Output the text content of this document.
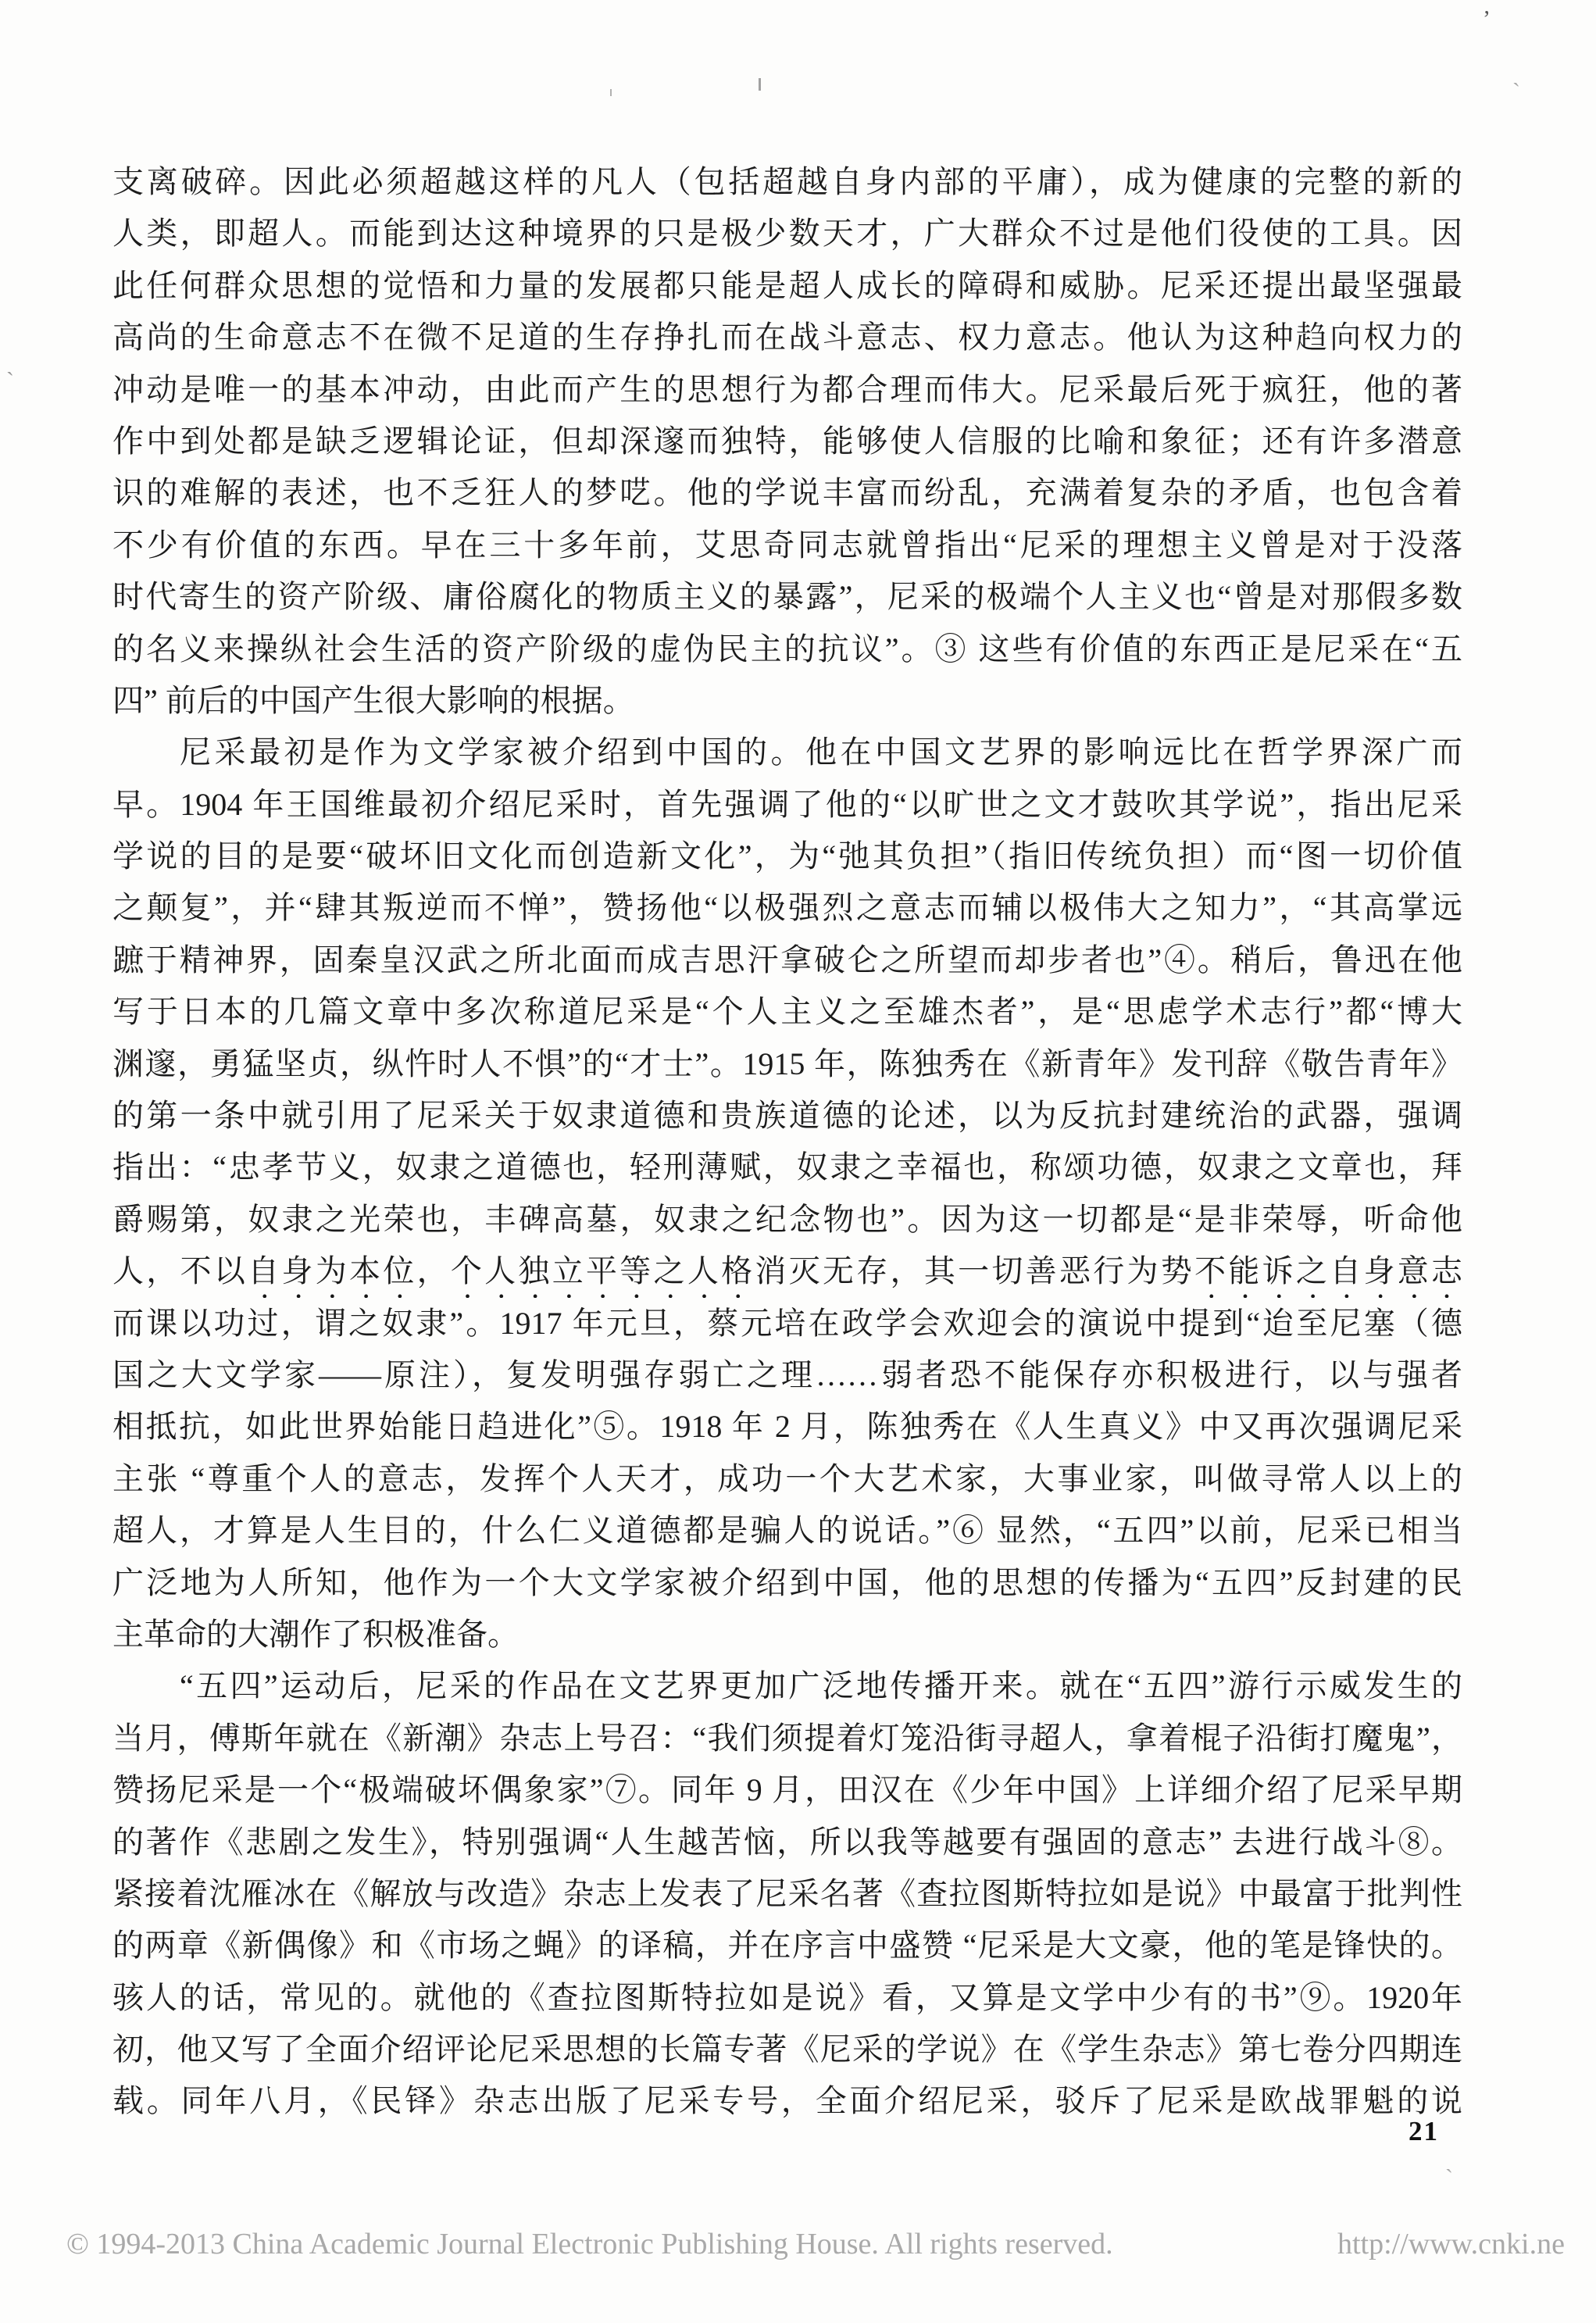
支离破碎。因此必须超越这样的凡人（包括超越自身内部的平庸），成为健康的完整的新的
人类，即超人。而能到达这种境界的只是极少数天才，广大群众不过是他们役使的工具。因
此任何群众思想的觉悟和力量的发展都只能是超人成长的障碍和威胁。尼采还提出最坚强最
高尚的生命意志不在微不足道的生存挣扎而在战斗意志、权力意志。他认为这种趋向权力的
冲动是唯一的基本冲动，由此而产生的思想行为都合理而伟大。尼采最后死于疯狂，他的著
作中到处都是缺乏逻辑论证，但却深邃而独特，能够使人信服的比喻和象征；还有许多潜意
识的难解的表述，也不乏狂人的梦呓。他的学说丰富而纷乱，充满着复杂的矛盾，也包含着
不少有价值的东西。早在三十多年前，艾思奇同志就曾指出“尼采的理想主义曾是对于没落
时代寄生的资产阶级、庸俗腐化的物质主义的暴露”，尼采的极端个人主义也“曾是对那假多数
的名义来操纵社会生活的资产阶级的虚伪民主的抗议”。③ 这些有价值的东西正是尼采在“五
四” 前后的中国产生很大影响的根据。
尼采最初是作为文学家被介绍到中国的。他在中国文艺界的影响远比在哲学界深广而
早。1904 年王国维最初介绍尼采时，首先强调了他的“以旷世之文才鼓吹其学说”，指出尼采
学说的目的是要“破坏旧文化而创造新文化”，为“弛其负担”（指旧传统负担）而“图一切价值
之颠复”，并“肆其叛逆而不惮”，赞扬他“以极强烈之意志而辅以极伟大之知力”，“其高掌远
蹠于精神界，固秦皇汉武之所北面而成吉思汗拿破仑之所望而却步者也”④。稍后，鲁迅在他
写于日本的几篇文章中多次称道尼采是“个人主义之至雄杰者”，是“思虑学术志行”都“博大
渊邃，勇猛坚贞，纵忤时人不惧”的“才士”。1915 年，陈独秀在《新青年》发刊辞《敬告青年》
的第一条中就引用了尼采关于奴隶道德和贵族道德的论述，以为反抗封建统治的武器，强调
指出：“忠孝节义，奴隶之道德也，轻刑薄赋，奴隶之幸福也，称颂功德，奴隶之文章也，拜
爵赐第，奴隶之光荣也，丰碑高墓，奴隶之纪念物也”。因为这一切都是“是非荣辱，听命他
人，不以自身为本位，个人独立平等之人格消灭无存，其一切善恶行为势不能诉之自身意志
而课以功过，谓之奴隶”。1917 年元旦，蔡元培在政学会欢迎会的演说中提到“迨至尼塞（德
国之大文学家——原注），复发明强存弱亡之理……弱者恐不能保存亦积极进行，以与强者
相抵抗，如此世界始能日趋进化”⑤。1918 年 2 月，陈独秀在《人生真义》中又再次强调尼采
主张 “尊重个人的意志，发挥个人天才，成功一个大艺术家，大事业家，叫做寻常人以上的
超人，才算是人生目的，什么仁义道德都是骗人的说话。”⑥ 显然，“五四”以前，尼采已相当
广泛地为人所知，他作为一个大文学家被介绍到中国，他的思想的传播为“五四”反封建的民
主革命的大潮作了积极准备。
“五四”运动后，尼采的作品在文艺界更加广泛地传播开来。就在“五四”游行示威发生的
当月，傅斯年就在《新潮》杂志上号召：“我们须提着灯笼沿街寻超人，拿着棍子沿街打魔鬼”，
赞扬尼采是一个“极端破坏偶象家”⑦。同年 9 月，田汉在《少年中国》上详细介绍了尼采早期
的著作《悲剧之发生》，特别强调“人生越苦恼，所以我等越要有强固的意志” 去进行战斗⑧。
紧接着沈雁冰在《解放与改造》杂志上发表了尼采名著《查拉图斯特拉如是说》中最富于批判性
的两章《新偶像》和《市场之蝇》的译稿，并在序言中盛赞 “尼采是大文豪，他的笔是锋快的。
骇人的话，常见的。就他的《查拉图斯特拉如是说》看，又算是文学中少有的书”⑨。1920年
初，他又写了全面介绍评论尼采思想的长篇专著《尼采的学说》在《学生杂志》第七卷分四期连
载。同年八月，《民铎》杂志出版了尼采专号，全面介绍尼采，驳斥了尼采是欧战罪魁的说
21
© 1994-2013 China Academic Journal Electronic Publishing House. All rights reserved.	http://www.cnki.ne
ʼ
ˏ
ˎ
ˏ
